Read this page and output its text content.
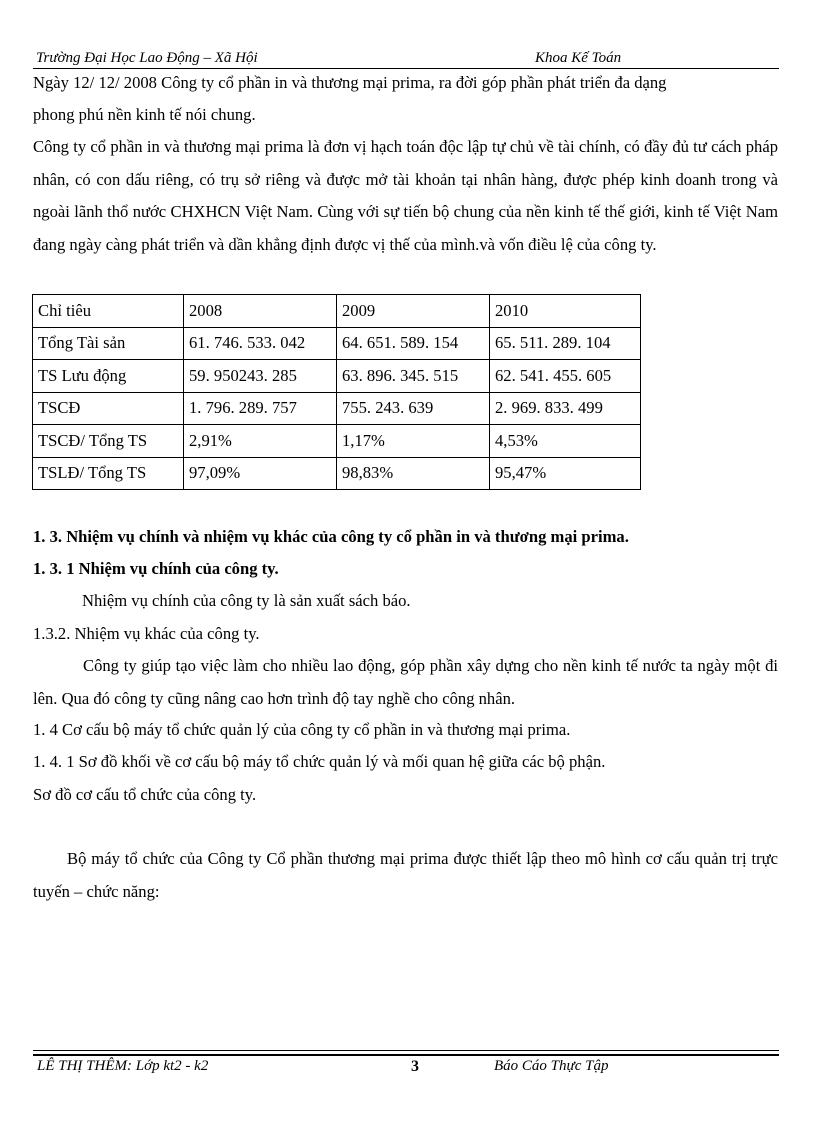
Trường Đại Học Lao Động – Xã Hội	Khoa Kế Toán
Ngày 12/ 12/ 2008 Công ty cổ phần in và thương mại prima, ra đời góp phần phát triển đa dạng
phong phú nền kinh tế nói chung.
Công ty cổ phần in và thương mại prima là đơn vị hạch toán độc lập tự chủ về tài chính, có đầy đủ tư cách pháp nhân, có con dấu riêng, có trụ sở riêng và được mở tài khoản tại nhân hàng, được phép kinh doanh trong và ngoài lãnh thổ nước CHXHCN Việt Nam. Cùng với sự tiến bộ chung của nền kinh tế thế giới, kinh tế Việt Nam đang ngày càng phát triển và dần khẳng định được vị thế của mình.và vốn điều lệ của công ty.
Chỉ tiêu	2008	2009	2010
Tổng Tài sản	61. 746. 533. 042	64. 651. 589. 154	65. 511. 289. 104
TS Lưu động	59. 950243. 285	63. 896. 345. 515	62. 541. 455. 605
TSCĐ	1. 796. 289. 757	755. 243. 639	2. 969. 833. 499
TSCĐ/ Tổng TS	2,91%	1,17%	4,53%
TSLĐ/ Tổng TS	97,09%	98,83%	95,47%
1. 3. Nhiệm vụ chính và nhiệm vụ khác của công ty cổ phần in và thương mại prima.
1. 3. 1 Nhiệm vụ chính của công ty.
Nhiệm vụ chính của công ty là sản xuất sách báo.
1.3.2. Nhiệm vụ khác của công ty.
Công ty giúp tạo việc làm cho nhiều lao động, góp phần xây dựng cho nền kinh tế nước ta ngày một đi lên. Qua đó công ty cũng nâng cao hơn trình độ tay nghề cho công nhân.
1. 4 Cơ cấu bộ máy tổ chức quản lý của công ty cổ phần in và thương mại prima.
1. 4. 1 Sơ đồ khối về cơ cấu bộ máy tổ chức quản lý và mối quan hệ giữa các bộ phận.
Sơ đồ cơ cấu tổ chức của công ty.
Bộ máy tổ chức của Công ty Cổ phần thương mại prima được thiết lập theo mô hình cơ cấu quản trị trực tuyến – chức năng:
LÊ THỊ THÊM: Lớp kt2 - k2	3	Báo Cáo Thực Tập
